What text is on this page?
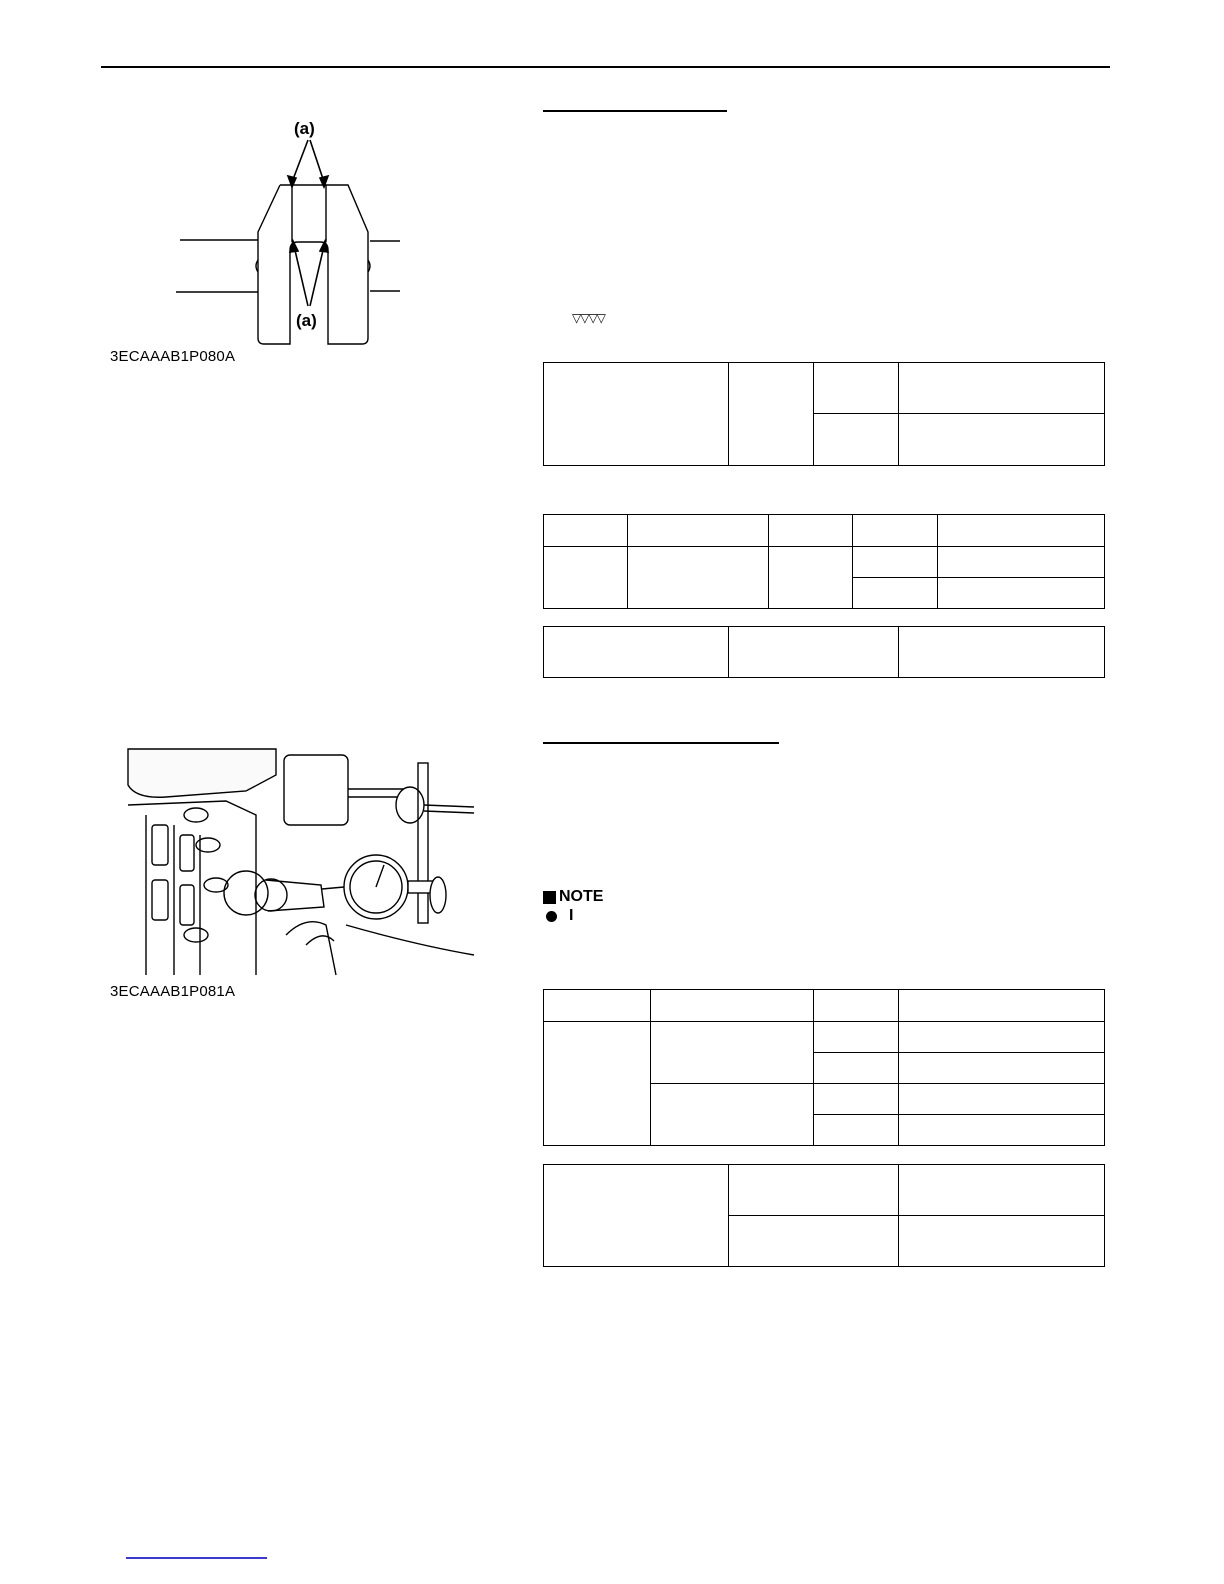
(a)
(a)
3ECAAAB1P080A
3ECAAAB1P081A
▽▽▽▽

NOTE
I
